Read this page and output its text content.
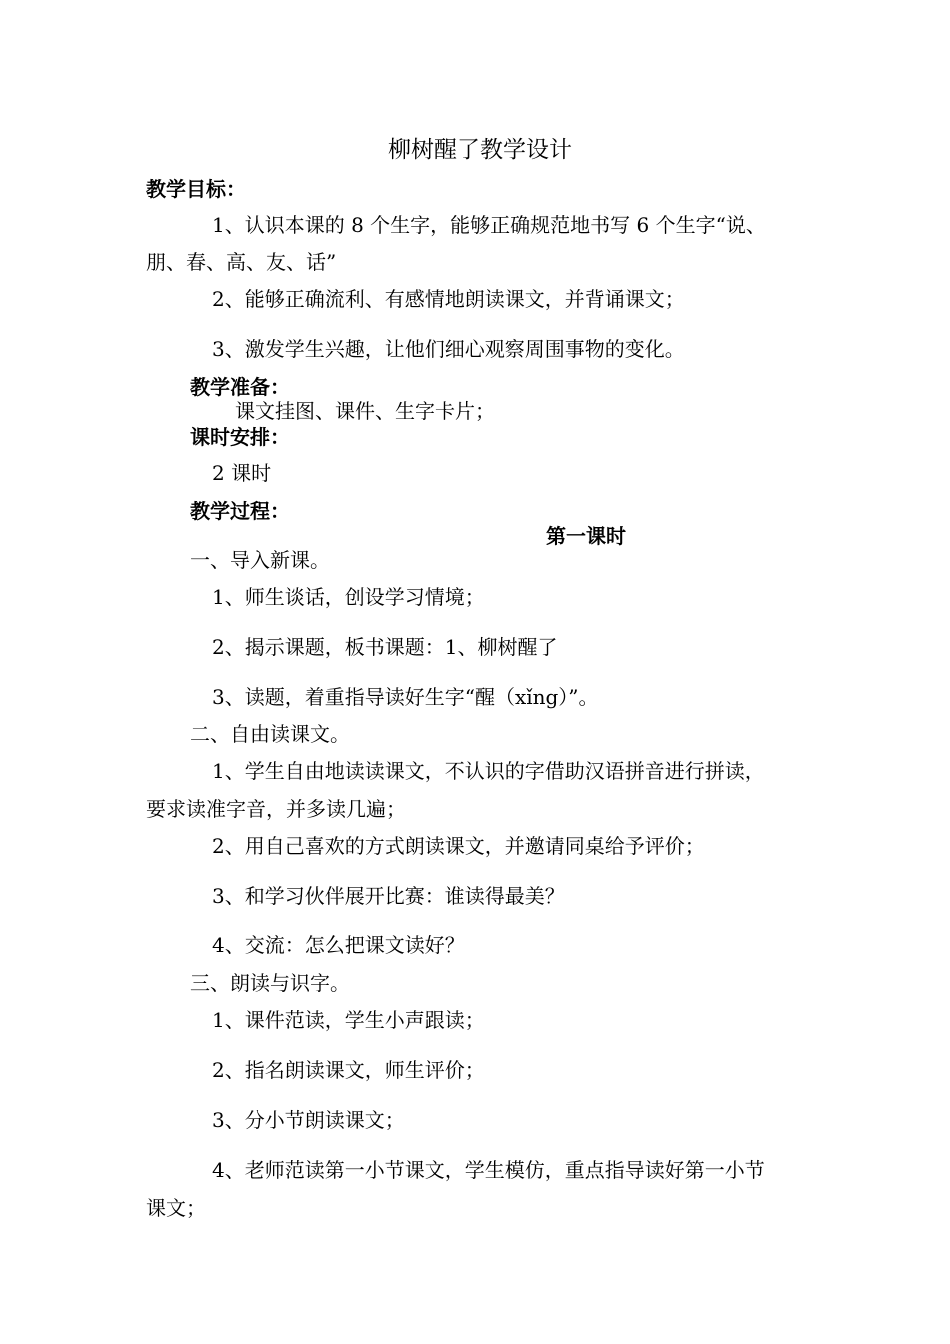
柳树醒了教学设计
教学目标：
1、认识本课的 8 个生字，能够正确规范地书写 6 个生字“说、
朋、春、高、友、话”
2、能够正确流利、有感情地朗读课文，并背诵课文；
3、激发学生兴趣，让他们细心观察周围事物的变化。
教学准备：
课文挂图、课件、生字卡片；
课时安排：
2 课时
教学过程：
第一课时
一、导入新课。
1、师生谈话，创设学习情境；
2、揭示课题，板书课题：1、柳树醒了
3、读题，着重指导读好生字“醒（xǐng）”。
二、自由读课文。
1、学生自由地读读课文，不认识的字借助汉语拼音进行拼读，
要求读准字音，并多读几遍；
2、用自己喜欢的方式朗读课文，并邀请同桌给予评价；
3、和学习伙伴展开比赛：谁读得最美？
4、交流：怎么把课文读好？
三、朗读与识字。
1、课件范读，学生小声跟读；
2、指名朗读课文，师生评价；
3、分小节朗读课文；
4、老师范读第一小节课文，学生模仿，重点指导读好第一小节
课文；
